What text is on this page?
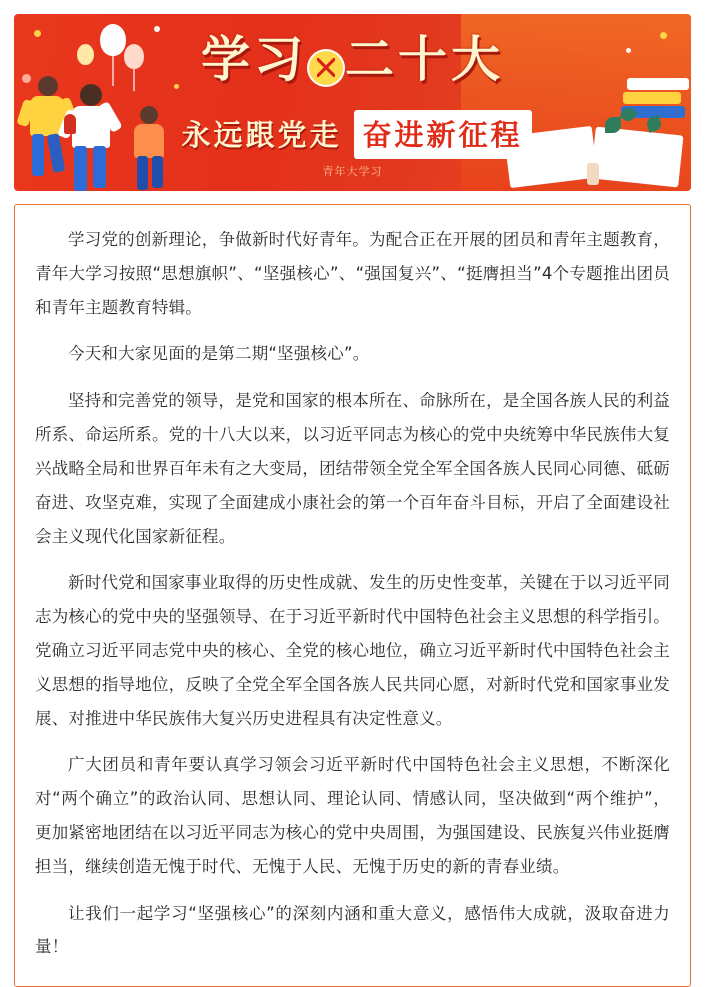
学习 二十大
永远跟党走 奋进新征程
青年大学习

学习党的创新理论，争做新时代好青年。为配合正在开展的团员和青年主题教育，青年大学习按照“思想旗帜”、“坚强核心”、“强国复兴”、“挺膺担当”4个专题推出团员和青年主题教育特辑。

今天和大家见面的是第二期“坚强核心”。

坚持和完善党的领导，是党和国家的根本所在、命脉所在，是全国各族人民的利益所系、命运所系。党的十八大以来，以习近平同志为核心的党中央统筹中华民族伟大复兴战略全局和世界百年未有之大变局，团结带领全党全军全国各族人民同心同德、砥砺奋进、攻坚克难，实现了全面建成小康社会的第一个百年奋斗目标，开启了全面建设社会主义现代化国家新征程。

新时代党和国家事业取得的历史性成就、发生的历史性变革，关键在于以习近平同志为核心的党中央的坚强领导、在于习近平新时代中国特色社会主义思想的科学指引。党确立习近平同志党中央的核心、全党的核心地位，确立习近平新时代中国特色社会主义思想的指导地位，反映了全党全军全国各族人民共同心愿，对新时代党和国家事业发展、对推进中华民族伟大复兴历史进程具有决定性意义。

广大团员和青年要认真学习领会习近平新时代中国特色社会主义思想，不断深化对“两个确立”的政治认同、思想认同、理论认同、情感认同，坚决做到“两个维护”，更加紧密地团结在以习近平同志为核心的党中央周围，为强国建设、民族复兴伟业挺膺担当，继续创造无愧于时代、无愧于人民、无愧于历史的新的青春业绩。

让我们一起学习“坚强核心”的深刻内涵和重大意义，感悟伟大成就，汲取奋进力量！
